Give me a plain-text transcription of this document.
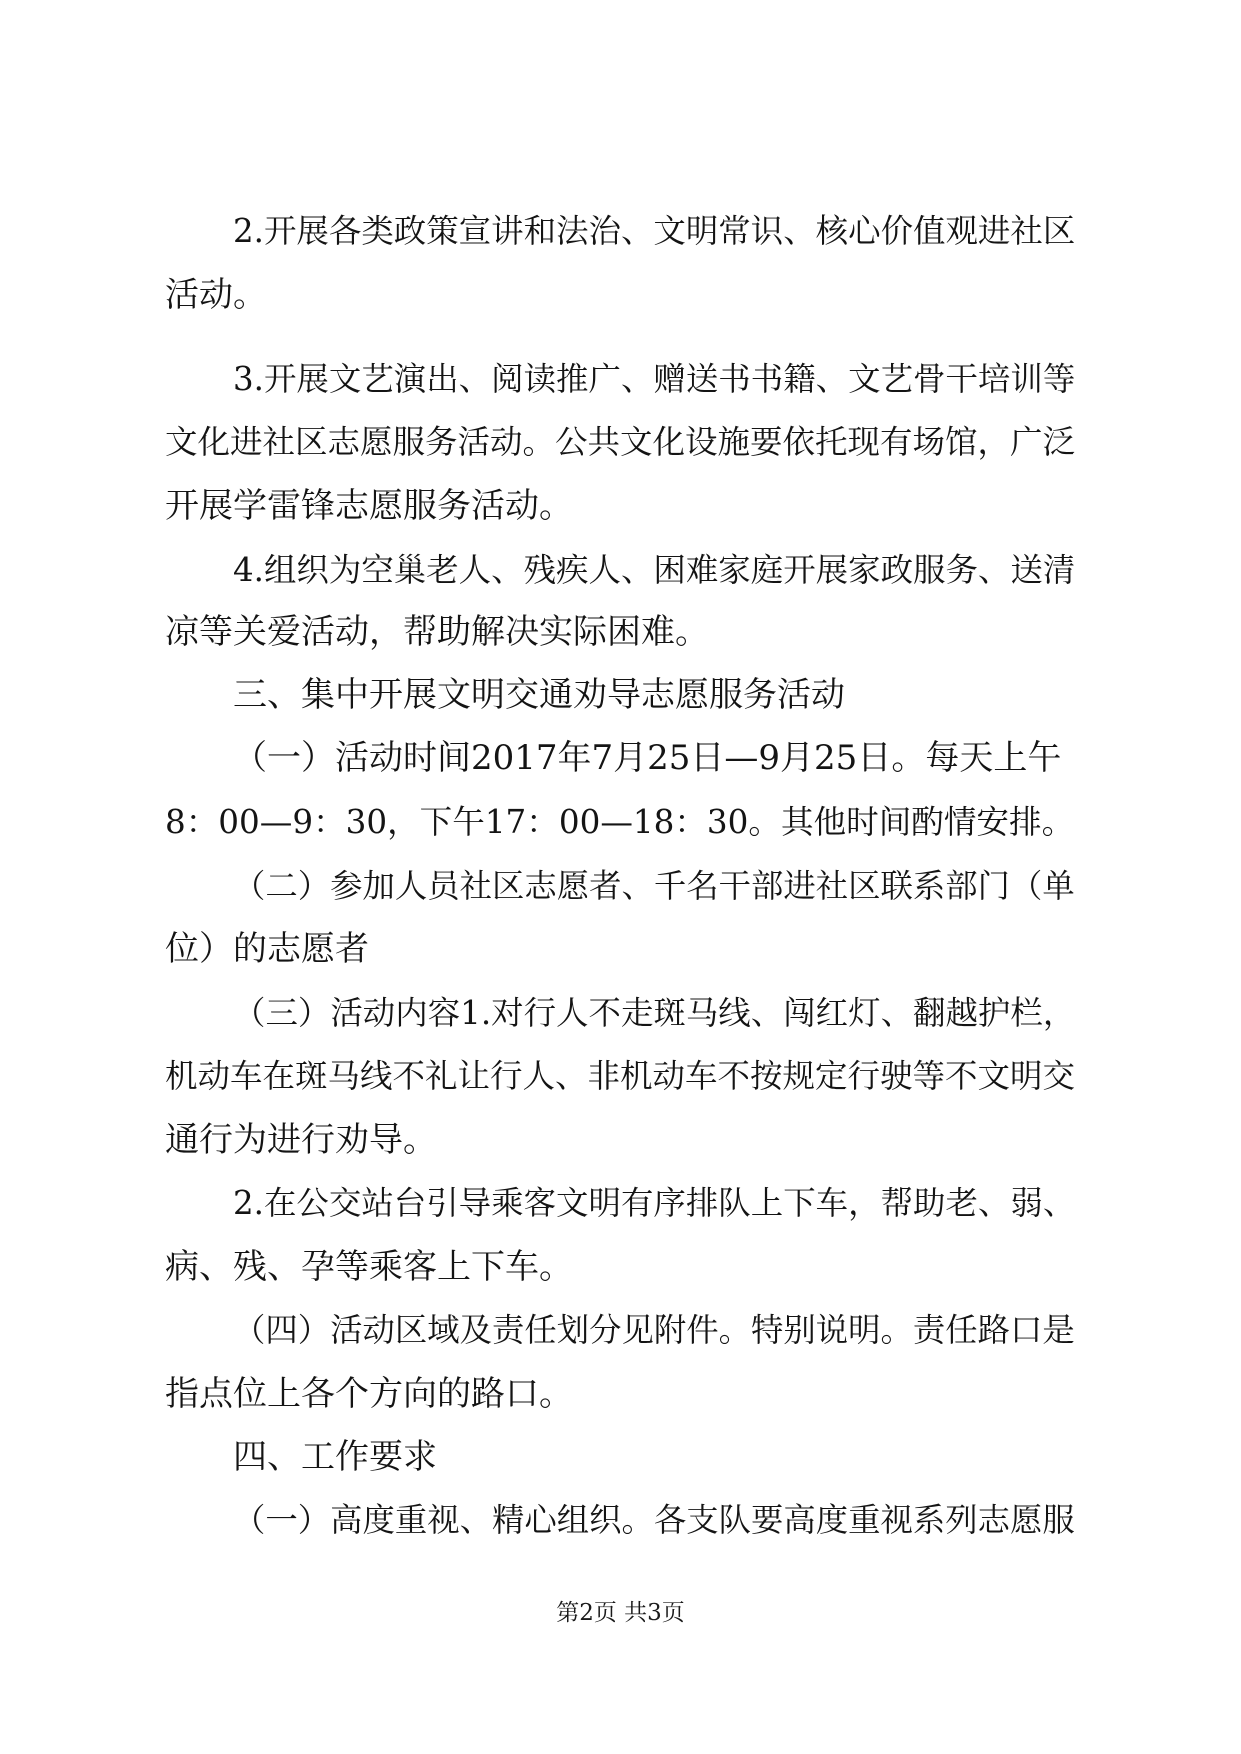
2.开展各类政策宣讲和法治、文明常识、核心价值观进社区
活动。
3.开展文艺演出、阅读推广、赠送书书籍、文艺骨干培训等
文化进社区志愿服务活动。公共文化设施要依托现有场馆，广泛
开展学雷锋志愿服务活动。
4.组织为空巢老人、残疾人、困难家庭开展家政服务、送清
凉等关爱活动，帮助解决实际困难。
三、集中开展文明交通劝导志愿服务活动
（一）活动时间2017年7月25日—9月25日。每天上午
8：00—9：30，下午17：00—18：30。其他时间酌情安排。
（二）参加人员社区志愿者、千名干部进社区联系部门（单
位）的志愿者
（三）活动内容1.对行人不走斑马线、闯红灯、翻越护栏，
机动车在斑马线不礼让行人、非机动车不按规定行驶等不文明交
通行为进行劝导。
2.在公交站台引导乘客文明有序排队上下车，帮助老、弱、
病、残、孕等乘客上下车。
（四）活动区域及责任划分见附件。特别说明。责任路口是
指点位上各个方向的路口。
四、工作要求
（一）高度重视、精心组织。各支队要高度重视系列志愿服
第2页 共3页
